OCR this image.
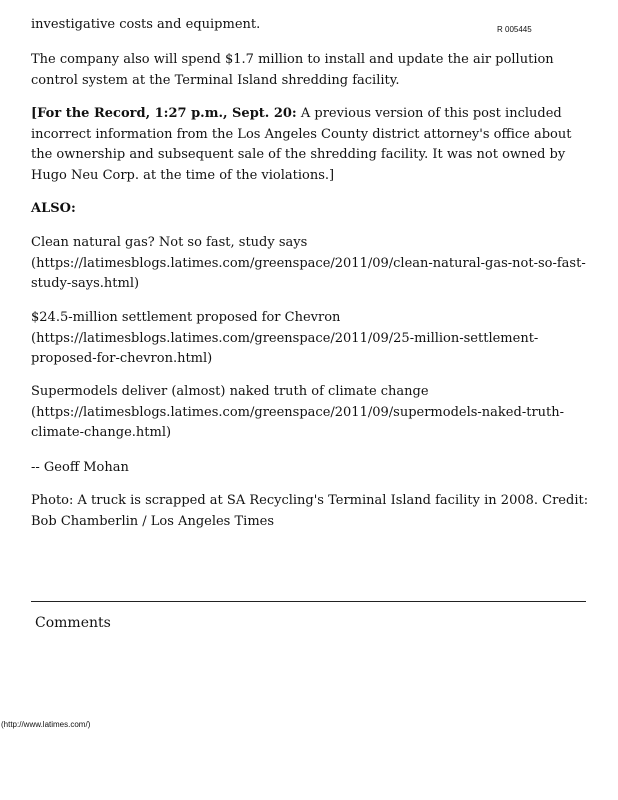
R 005445

investigative costs and equipment.

The company also will spend $1.7 million to install and update the air pollution control system at the Terminal Island shredding facility.

[For the Record, 1:27 p.m., Sept. 20: A previous version of this post included incorrect information from the Los Angeles County district attorney's office about the ownership and subsequent sale of the shredding facility. It was not owned by Hugo Neu Corp. at the time of the violations.]

ALSO:

Clean natural gas? Not so fast, study says
(https://latimesblogs.latimes.com/greenspace/2011/09/clean-natural-gas-not-so-fast-study-says.html)
$24.5-million settlement proposed for Chevron
(https://latimesblogs.latimes.com/greenspace/2011/09/25-million-settlement-proposed-for-chevron.html)
Supermodels deliver (almost) naked truth of climate change
(https://latimesblogs.latimes.com/greenspace/2011/09/supermodels-naked-truth-climate-change.html)

-- Geoff Mohan

Photo: A truck is scrapped at SA Recycling's Terminal Island facility in 2008. Credit: Bob Chamberlin / Los Angeles Times

Comments
(http://www.latimes.com/)
